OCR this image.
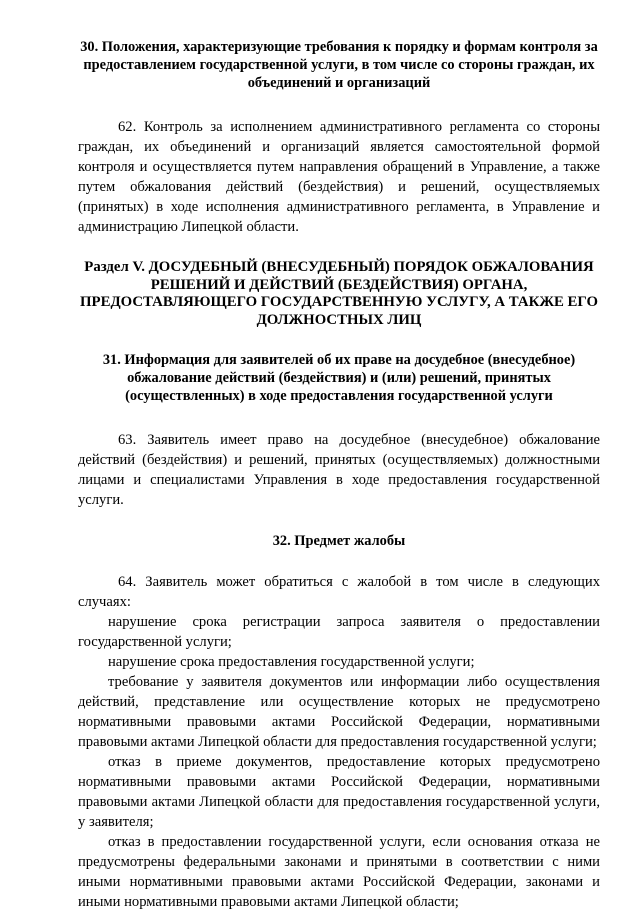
30. Положения, характеризующие требования к порядку и формам контроля за предоставлением государственной услуги, в том числе со стороны граждан, их объединений и организаций

62. Контроль за исполнением административного регламента со стороны граждан, их объединений и организаций является самостоятельной формой контроля и осуществляется путем направления обращений в Управление, а также путем обжалования действий (бездействия) и решений, осуществляемых (принятых) в ходе исполнения административного регламента, в Управление и администрацию Липецкой области.

Раздел V. ДОСУДЕБНЫЙ (ВНЕСУДЕБНЫЙ) ПОРЯДОК ОБЖАЛОВАНИЯ РЕШЕНИЙ И ДЕЙСТВИЙ (БЕЗДЕЙСТВИЯ) ОРГАНА, ПРЕДОСТАВЛЯЮЩЕГО ГОСУДАРСТВЕННУЮ УСЛУГУ, А ТАКЖЕ ЕГО ДОЛЖНОСТНЫХ ЛИЦ
31. Информация для заявителей об их праве на досудебное (внесудебное) обжалование действий (бездействия) и (или) решений, принятых (осуществленных) в ходе предоставления государственной услуги

63. Заявитель имеет право на досудебное (внесудебное) обжалование действий (бездействия) и решений, принятых (осуществляемых) должностными лицами и специалистами Управления в ходе предоставления государственной услуги.

32. Предмет жалобы

64. Заявитель может обратиться с жалобой в том числе в следующих случаях:

нарушение срока регистрации запроса заявителя о предоставлении государственной услуги;

нарушение срока предоставления государственной услуги;

требование у заявителя документов или информации либо осуществления действий, представление или осуществление которых не предусмотрено нормативными правовыми актами Российской Федерации, нормативными правовыми актами Липецкой области для предоставления государственной услуги;

отказ в приеме документов, предоставление которых предусмотрено нормативными правовыми актами Российской Федерации, нормативными правовыми актами Липецкой области для предоставления государственной услуги, у заявителя;

отказ в предоставлении государственной услуги, если основания отказа не предусмотрены федеральными законами и принятыми в соответствии с ними иными нормативными правовыми актами Российской Федерации, законами и иными нормативными правовыми актами Липецкой области;
